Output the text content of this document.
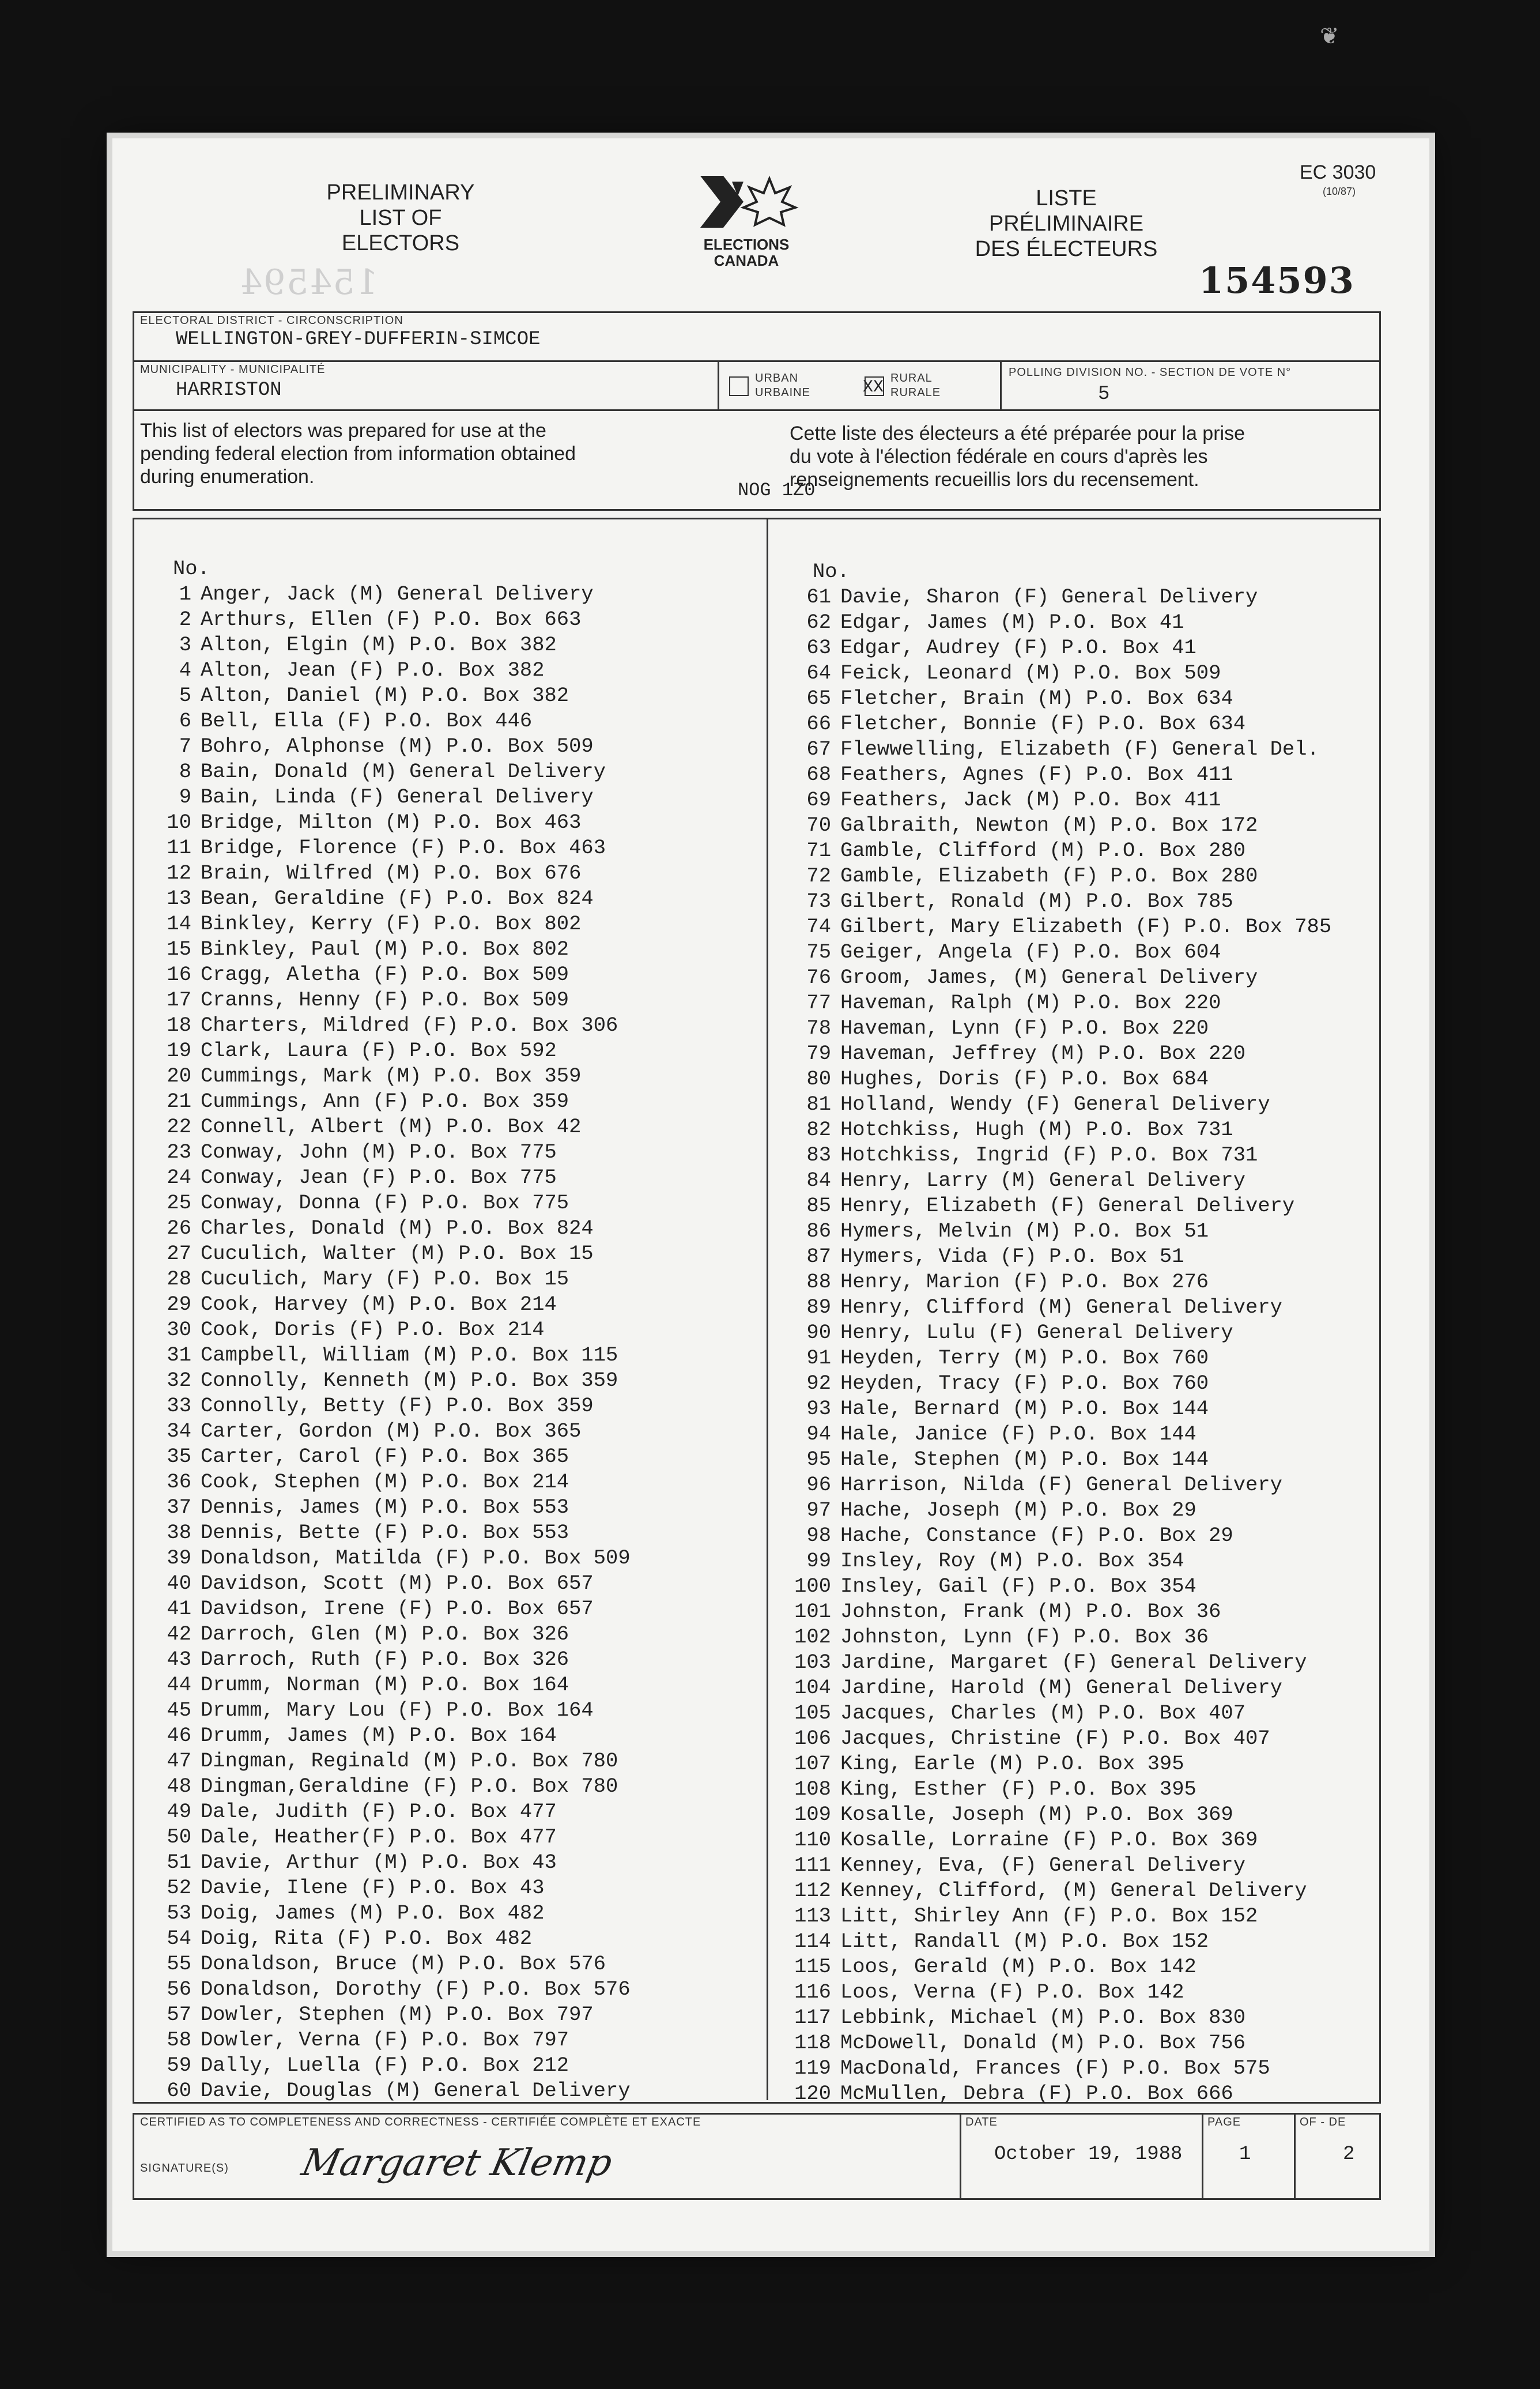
EC 3030
(10/87)
PRELIMINARY
LIST OF
ELECTORS	ELECTIONS
CANADA
LISTE
PRÉLIMINAIRE
DES ÉLECTEURS
154594	154593
ELECTORAL DISTRICT - CIRCONSCRIPTION
WELLINGTON-GREY-DUFFERIN-SIMCOE
MUNICIPALITY - MUNICIPALITÉ
HARRISTON
URBAN
URBAINE	XX RURAL
RURALE
POLLING DIVISION NO. - SECTION DE VOTE N°
5
This list of electors was prepared for use at the
pending federal election from information obtained
during enumeration.
Cette liste des électeurs a été préparée pour la prise
du vote à l'élection fédérale en cours d'après les
renseignements recueillis lors du recensement.
NOG 1Z0
No.
1 Anger, Jack (M) General Delivery
2 Arthurs, Ellen (F) P.O. Box 663
3 Alton, Elgin (M) P.O. Box 382
4 Alton, Jean (F) P.O. Box 382
5 Alton, Daniel (M) P.O. Box 382
6 Bell, Ella (F) P.O. Box 446
7 Bohro, Alphonse (M) P.O. Box 509
8 Bain, Donald (M) General Delivery
9 Bain, Linda (F) General Delivery
10 Bridge, Milton (M) P.O. Box 463
11 Bridge, Florence (F) P.O. Box 463
12 Brain, Wilfred (M) P.O. Box 676
13 Bean, Geraldine (F) P.O. Box 824
14 Binkley, Kerry (F) P.O. Box 802
15 Binkley, Paul (M) P.O. Box 802
16 Cragg, Aletha (F) P.O. Box 509
17 Cranns, Henny (F) P.O. Box 509
18 Charters, Mildred (F) P.O. Box 306
19 Clark, Laura (F) P.O. Box 592
20 Cummings, Mark (M) P.O. Box 359
21 Cummings, Ann (F) P.O. Box 359
22 Connell, Albert (M) P.O. Box 42
23 Conway, John (M) P.O. Box 775
24 Conway, Jean (F) P.O. Box 775
25 Conway, Donna (F) P.O. Box 775
26 Charles, Donald (M) P.O. Box 824
27 Cuculich, Walter (M) P.O. Box 15
28 Cuculich, Mary (F) P.O. Box 15
29 Cook, Harvey (M) P.O. Box 214
30 Cook, Doris (F) P.O. Box 214
31 Campbell, William (M) P.O. Box 115
32 Connolly, Kenneth (M) P.O. Box 359
33 Connolly, Betty (F) P.O. Box 359
34 Carter, Gordon (M) P.O. Box 365
35 Carter, Carol (F) P.O. Box 365
36 Cook, Stephen (M) P.O. Box 214
37 Dennis, James (M) P.O. Box 553
38 Dennis, Bette (F) P.O. Box 553
39 Donaldson, Matilda (F) P.O. Box 509
40 Davidson, Scott (M) P.O. Box 657
41 Davidson, Irene (F) P.O. Box 657
42 Darroch, Glen (M) P.O. Box 326
43 Darroch, Ruth (F) P.O. Box 326
44 Drumm, Norman (M) P.O. Box 164
45 Drumm, Mary Lou (F) P.O. Box 164
46 Drumm, James (M) P.O. Box 164
47 Dingman, Reginald (M) P.O. Box 780
48 Dingman,Geraldine (F) P.O. Box 780
49 Dale, Judith (F) P.O. Box 477
50 Dale, Heather(F) P.O. Box 477
51 Davie, Arthur (M) P.O. Box 43
52 Davie, Ilene (F) P.O. Box 43
53 Doig, James (M) P.O. Box 482
54 Doig, Rita (F) P.O. Box 482
55 Donaldson, Bruce (M) P.O. Box 576
56 Donaldson, Dorothy (F) P.O. Box 576
57 Dowler, Stephen (M) P.O. Box 797
58 Dowler, Verna (F) P.O. Box 797
59 Dally, Luella (F) P.O. Box 212
60 Davie, Douglas (M) General Delivery
No.
61 Davie, Sharon (F) General Delivery
62 Edgar, James (M) P.O. Box 41
63 Edgar, Audrey (F) P.O. Box 41
64 Feick, Leonard (M) P.O. Box 509
65 Fletcher, Brain (M) P.O. Box 634
66 Fletcher, Bonnie (F) P.O. Box 634
67 Flewwelling, Elizabeth (F) General Del.
68 Feathers, Agnes (F) P.O. Box 411
69 Feathers, Jack (M) P.O. Box 411
70 Galbraith, Newton (M) P.O. Box 172
71 Gamble, Clifford (M) P.O. Box 280
72 Gamble, Elizabeth (F) P.O. Box 280
73 Gilbert, Ronald (M) P.O. Box 785
74 Gilbert, Mary Elizabeth (F) P.O. Box 785
75 Geiger, Angela (F) P.O. Box 604
76 Groom, James, (M) General Delivery
77 Haveman, Ralph (M) P.O. Box 220
78 Haveman, Lynn (F) P.O. Box 220
79 Haveman, Jeffrey (M) P.O. Box 220
80 Hughes, Doris (F) P.O. Box 684
81 Holland, Wendy (F) General Delivery
82 Hotchkiss, Hugh (M) P.O. Box 731
83 Hotchkiss, Ingrid (F) P.O. Box 731
84 Henry, Larry (M) General Delivery
85 Henry, Elizabeth (F) General Delivery
86 Hymers, Melvin (M) P.O. Box 51
87 Hymers, Vida (F) P.O. Box 51
88 Henry, Marion (F) P.O. Box 276
89 Henry, Clifford (M) General Delivery
90 Henry, Lulu (F) General Delivery
91 Heyden, Terry (M) P.O. Box 760
92 Heyden, Tracy (F) P.O. Box 760
93 Hale, Bernard (M) P.O. Box 144
94 Hale, Janice (F) P.O. Box 144
95 Hale, Stephen (M) P.O. Box 144
96 Harrison, Nilda (F) General Delivery
97 Hache, Joseph (M) P.O. Box 29
98 Hache, Constance (F) P.O. Box 29
99 Insley, Roy (M) P.O. Box 354
100 Insley, Gail (F) P.O. Box 354
101 Johnston, Frank (M) P.O. Box 36
102 Johnston, Lynn (F) P.O. Box 36
103 Jardine, Margaret (F) General Delivery
104 Jardine, Harold (M) General Delivery
105 Jacques, Charles (M) P.O. Box 407
106 Jacques, Christine (F) P.O. Box 407
107 King, Earle (M) P.O. Box 395
108 King, Esther (F) P.O. Box 395
109 Kosalle, Joseph (M) P.O. Box 369
110 Kosalle, Lorraine (F) P.O. Box 369
111 Kenney, Eva, (F) General Delivery
112 Kenney, Clifford, (M) General Delivery
113 Litt, Shirley Ann (F) P.O. Box 152
114 Litt, Randall (M) P.O. Box 152
115 Loos, Gerald (M) P.O. Box 142
116 Loos, Verna (F) P.O. Box 142
117 Lebbink, Michael (M) P.O. Box 830
118 McDowell, Donald (M) P.O. Box 756
119 MacDonald, Frances (F) P.O. Box 575
120 McMullen, Debra (F) P.O. Box 666
CERTIFIED AS TO COMPLETENESS AND CORRECTNESS - CERTIFIÉE COMPLÈTE ET EXACTE
SIGNATURE(S) Margaret Klemp
DATE
October 19, 1988
PAGE
1
OF - DE
2
❦
